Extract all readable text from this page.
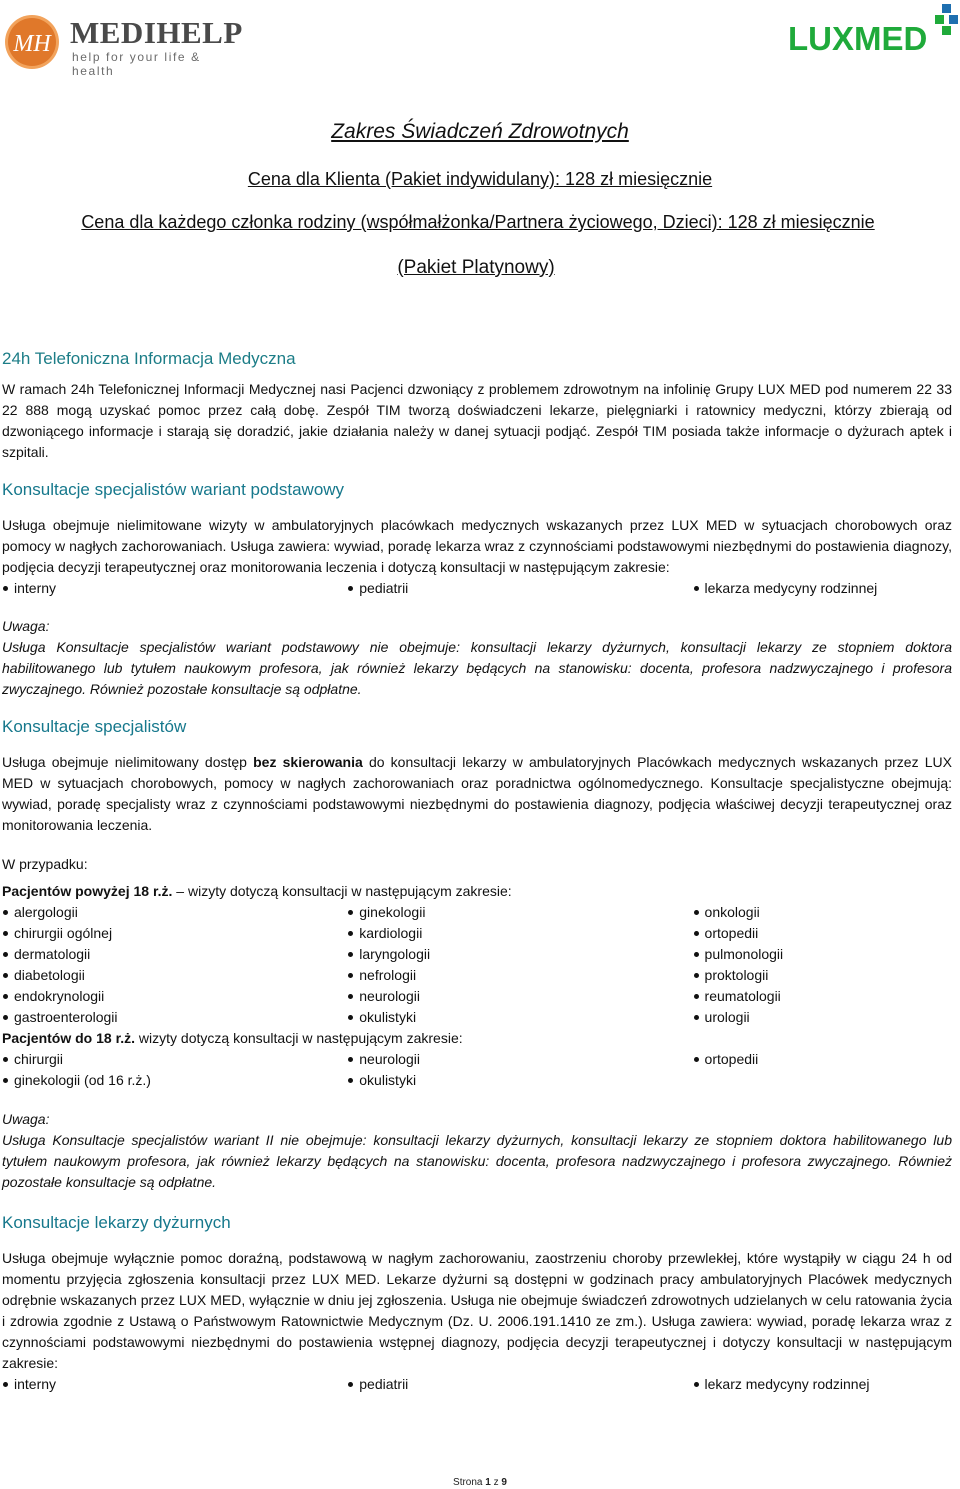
MH MEDIHELP
help for your life & health
LUXMED
Zakres Świadczeń Zdrowotnych
Cena dla Klienta (Pakiet indywidulany): 128 zł miesięcznie
Cena dla każdego członka rodziny (współmałżonka/Partnera życiowego, Dzieci): 128 zł miesięcznie
(Pakiet Platynowy)
24h Telefoniczna Informacja Medyczna

W ramach 24h Telefonicznej Informacji Medycznej nasi Pacjenci dzwoniący z problemem zdrowotnym na infolinię Grupy LUX MED pod numerem 22 33 22 888 mogą uzyskać pomoc przez całą dobę. Zespół TIM tworzą doświadczeni lekarze, pielęgniarki i ratownicy medyczni, którzy zbierają od dzwoniącego informacje i starają się doradzić, jakie działania należy w danej sytuacji podjąć. Zespół TIM posiada także informacje o dyżurach aptek i szpitali.

Konsultacje specjalistów wariant podstawowy

Usługa obejmuje nielimitowane wizyty w ambulatoryjnych placówkach medycznych wskazanych przez LUX MED w sytuacjach chorobowych oraz pomocy w nagłych zachorowaniach. Usługa zawiera: wywiad, poradę lekarza wraz z czynnościami podstawowymi niezbędnymi do postawienia diagnozy, podjęcia decyzji terapeutycznej oraz monitorowania leczenia i dotyczą konsultacji w następującym zakresie:

interny	pediatrii	lekarza medycyny rodzinnej

Uwaga:

Usługa Konsultacje specjalistów wariant podstawowy nie obejmuje: konsultacji lekarzy dyżurnych, konsultacji lekarzy ze stopniem doktora habilitowanego lub tytułem naukowym profesora, jak również lekarzy będących na stanowisku: docenta, profesora nadzwyczajnego i profesora zwyczajnego. Również pozostałe konsultacje są odpłatne.

Konsultacje specjalistów

Usługa obejmuje nielimitowany dostęp bez skierowania do konsultacji lekarzy w ambulatoryjnych Placówkach medycznych wskazanych przez LUX MED w sytuacjach chorobowych, pomocy w nagłych zachorowaniach oraz poradnictwa ogólnomedycznego. Konsultacje specjalistyczne obejmują: wywiad, poradę specjalisty wraz z czynnościami podstawowymi niezbędnymi do postawienia diagnozy, podjęcia właściwej decyzji terapeutycznej oraz monitorowania leczenia.

W przypadku:

Pacjentów powyżej 18 r.ż. – wizyty dotyczą konsultacji w następującym zakresie:

alergologii
chirurgii ogólnej
dermatologii
diabetologii
endokrynologii
gastroenterologii
ginekologii
kardiologii
laryngologii
nefrologii
neurologii
okulistyki
onkologii
ortopedii
pulmonologii
proktologii
reumatologii
urologii

Pacjentów do 18 r.ż. wizyty dotyczą konsultacji w następującym zakresie:

chirurgii
ginekologii (od 16 r.ż.)
neurologii
okulistyki
ortopedii

Uwaga:

Usługa Konsultacje specjalistów wariant II nie obejmuje: konsultacji lekarzy dyżurnych, konsultacji lekarzy ze stopniem doktora habilitowanego lub tytułem naukowym profesora, jak również lekarzy będących na stanowisku: docenta, profesora nadzwyczajnego i profesora zwyczajnego. Również pozostałe konsultacje są odpłatne.

Konsultacje lekarzy dyżurnych

Usługa obejmuje wyłącznie pomoc doraźną, podstawową w nagłym zachorowaniu, zaostrzeniu choroby przewlekłej, które wystąpiły w ciągu 24 h od momentu przyjęcia zgłoszenia konsultacji przez LUX MED. Lekarze dyżurni są dostępni w godzinach pracy ambulatoryjnych Placówek medycznych odrębnie wskazanych przez LUX MED, wyłącznie w dniu jej zgłoszenia. Usługa nie obejmuje świadczeń zdrowotnych udzielanych w celu ratowania życia i zdrowia zgodnie z Ustawą o Państwowym Ratownictwie Medycznym (Dz. U. 2006.191.1410 ze zm.). Usługa zawiera: wywiad, poradę lekarza wraz z czynnościami podstawowymi niezbędnymi do postawienia wstępnej diagnozy, podjęcia decyzji terapeutycznej i dotyczy konsultacji w następującym zakresie:

interny	pediatrii	lekarz medycyny rodzinnej
Strona 1 z 9
